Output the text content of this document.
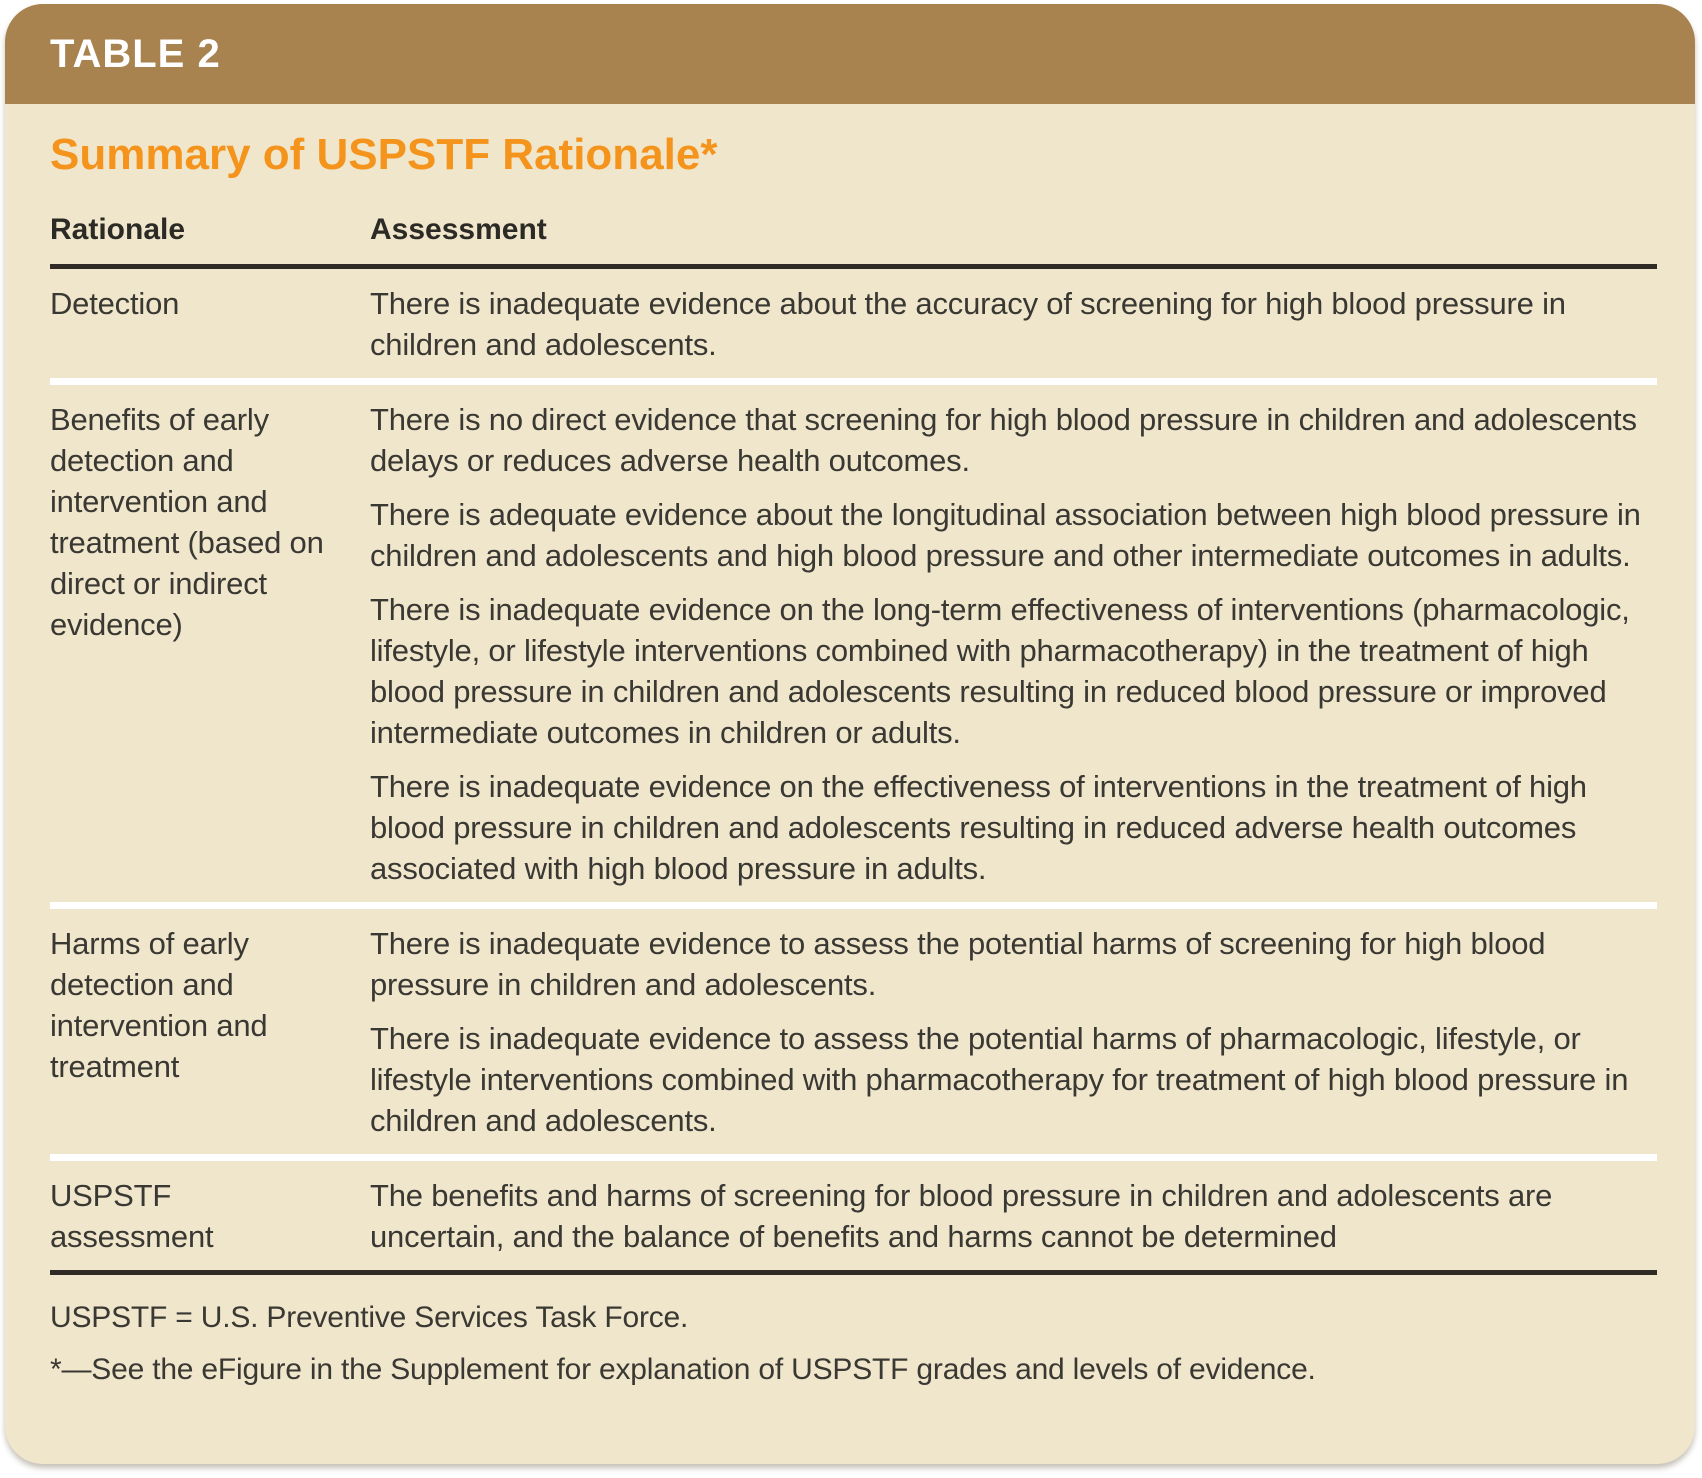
TABLE 2
Summary of USPSTF Rationale*
Rationale	Assessment
Detection	There is inadequate evidence about the accuracy of screening for high blood pressure in children and adolescents.

Benefits of early detection and intervention and treatment (based on direct or indirect evidence)

There is no direct evidence that screening for high blood pressure in children and adolescents delays or reduces adverse health outcomes.

There is adequate evidence about the longitudinal association between high blood pressure in children and adolescents and high blood pressure and other intermediate outcomes in adults.

There is inadequate evidence on the long-term effectiveness of interventions (pharmacologic, lifestyle, or lifestyle interventions combined with pharmacotherapy) in the treatment of high blood pressure in children and adolescents resulting in reduced blood pressure or improved intermediate outcomes in children or adults.

There is inadequate evidence on the effectiveness of interventions in the treatment of high blood pressure in children and adolescents resulting in reduced adverse health outcomes associated with high blood pressure in adults.

Harms of early detection and intervention and treatment

There is inadequate evidence to assess the potential harms of screening for high blood pressure in children and adolescents.

There is inadequate evidence to assess the potential harms of pharmacologic, lifestyle, or lifestyle interventions combined with pharmacotherapy for treatment of high blood pressure in children and adolescents.

USPSTF assessment

The benefits and harms of screening for blood pressure in children and adolescents are uncertain, and the balance of benefits and harms cannot be determined

USPSTF = U.S. Preventive Services Task Force.

*—See the eFigure in the Supplement for explanation of USPSTF grades and levels of evidence.
